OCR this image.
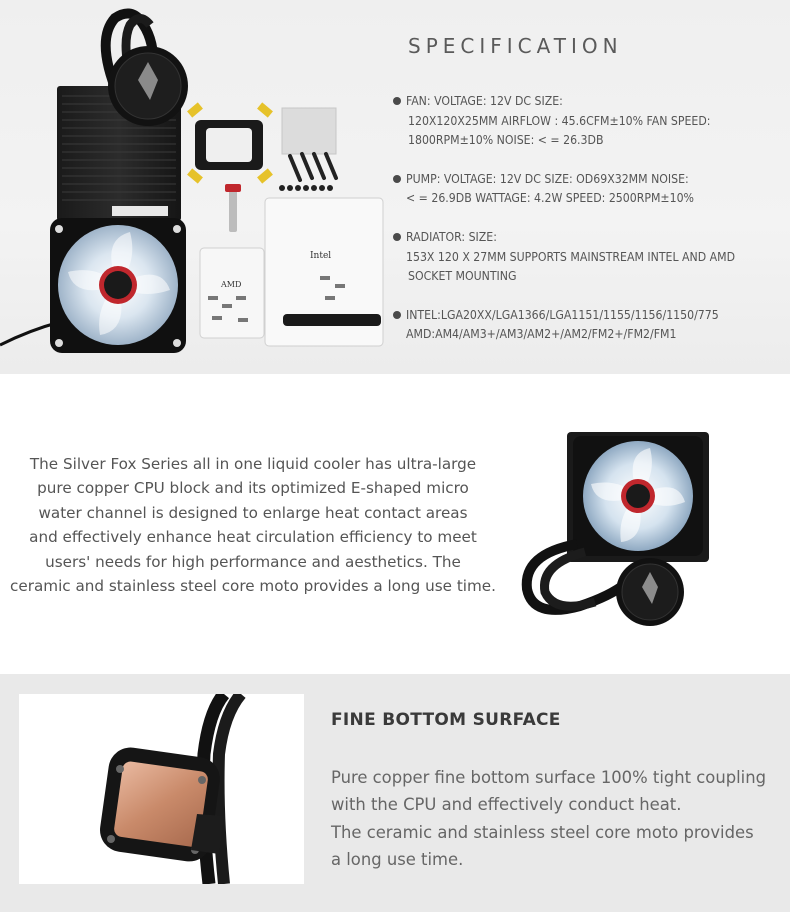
AMD
Intel
SPECIFICATION
FAN: VOLTAGE: 12V DC SIZE:
120X120X25MM AIRFLOW : 45.6CFM±10% FAN SPEED:
1800RPM±10% NOISE: < = 26.3DB
PUMP: VOLTAGE: 12V DC SIZE: OD69X32MM NOISE:
< = 26.9DB WATTAGE: 4.2W SPEED: 2500RPM±10%
RADIATOR: SIZE:
153X 120 X 27MM SUPPORTS MAINSTREAM INTEL AND AMD
SOCKET MOUNTING
INTEL:LGA20XX/LGA1366/LGA1151/1155/1156/1150/775
AMD:AM4/AM3+/AM3/AM2+/AM2/FM2+/FM2/FM1

The Silver Fox Series all in one liquid cooler has ultra-large
pure copper CPU block and its optimized E-shaped micro
water channel is designed to enlarge heat contact areas
and effectively enhance heat circulation efficiency to meet
users' needs for high performance and aesthetics. The
ceramic and stainless steel core moto provides a long use time.

FINE BOTTOM SURFACE

Pure copper fine bottom surface 100% tight coupling
with the CPU and effectively conduct heat.
The ceramic and stainless steel core moto provides
a long use time.
